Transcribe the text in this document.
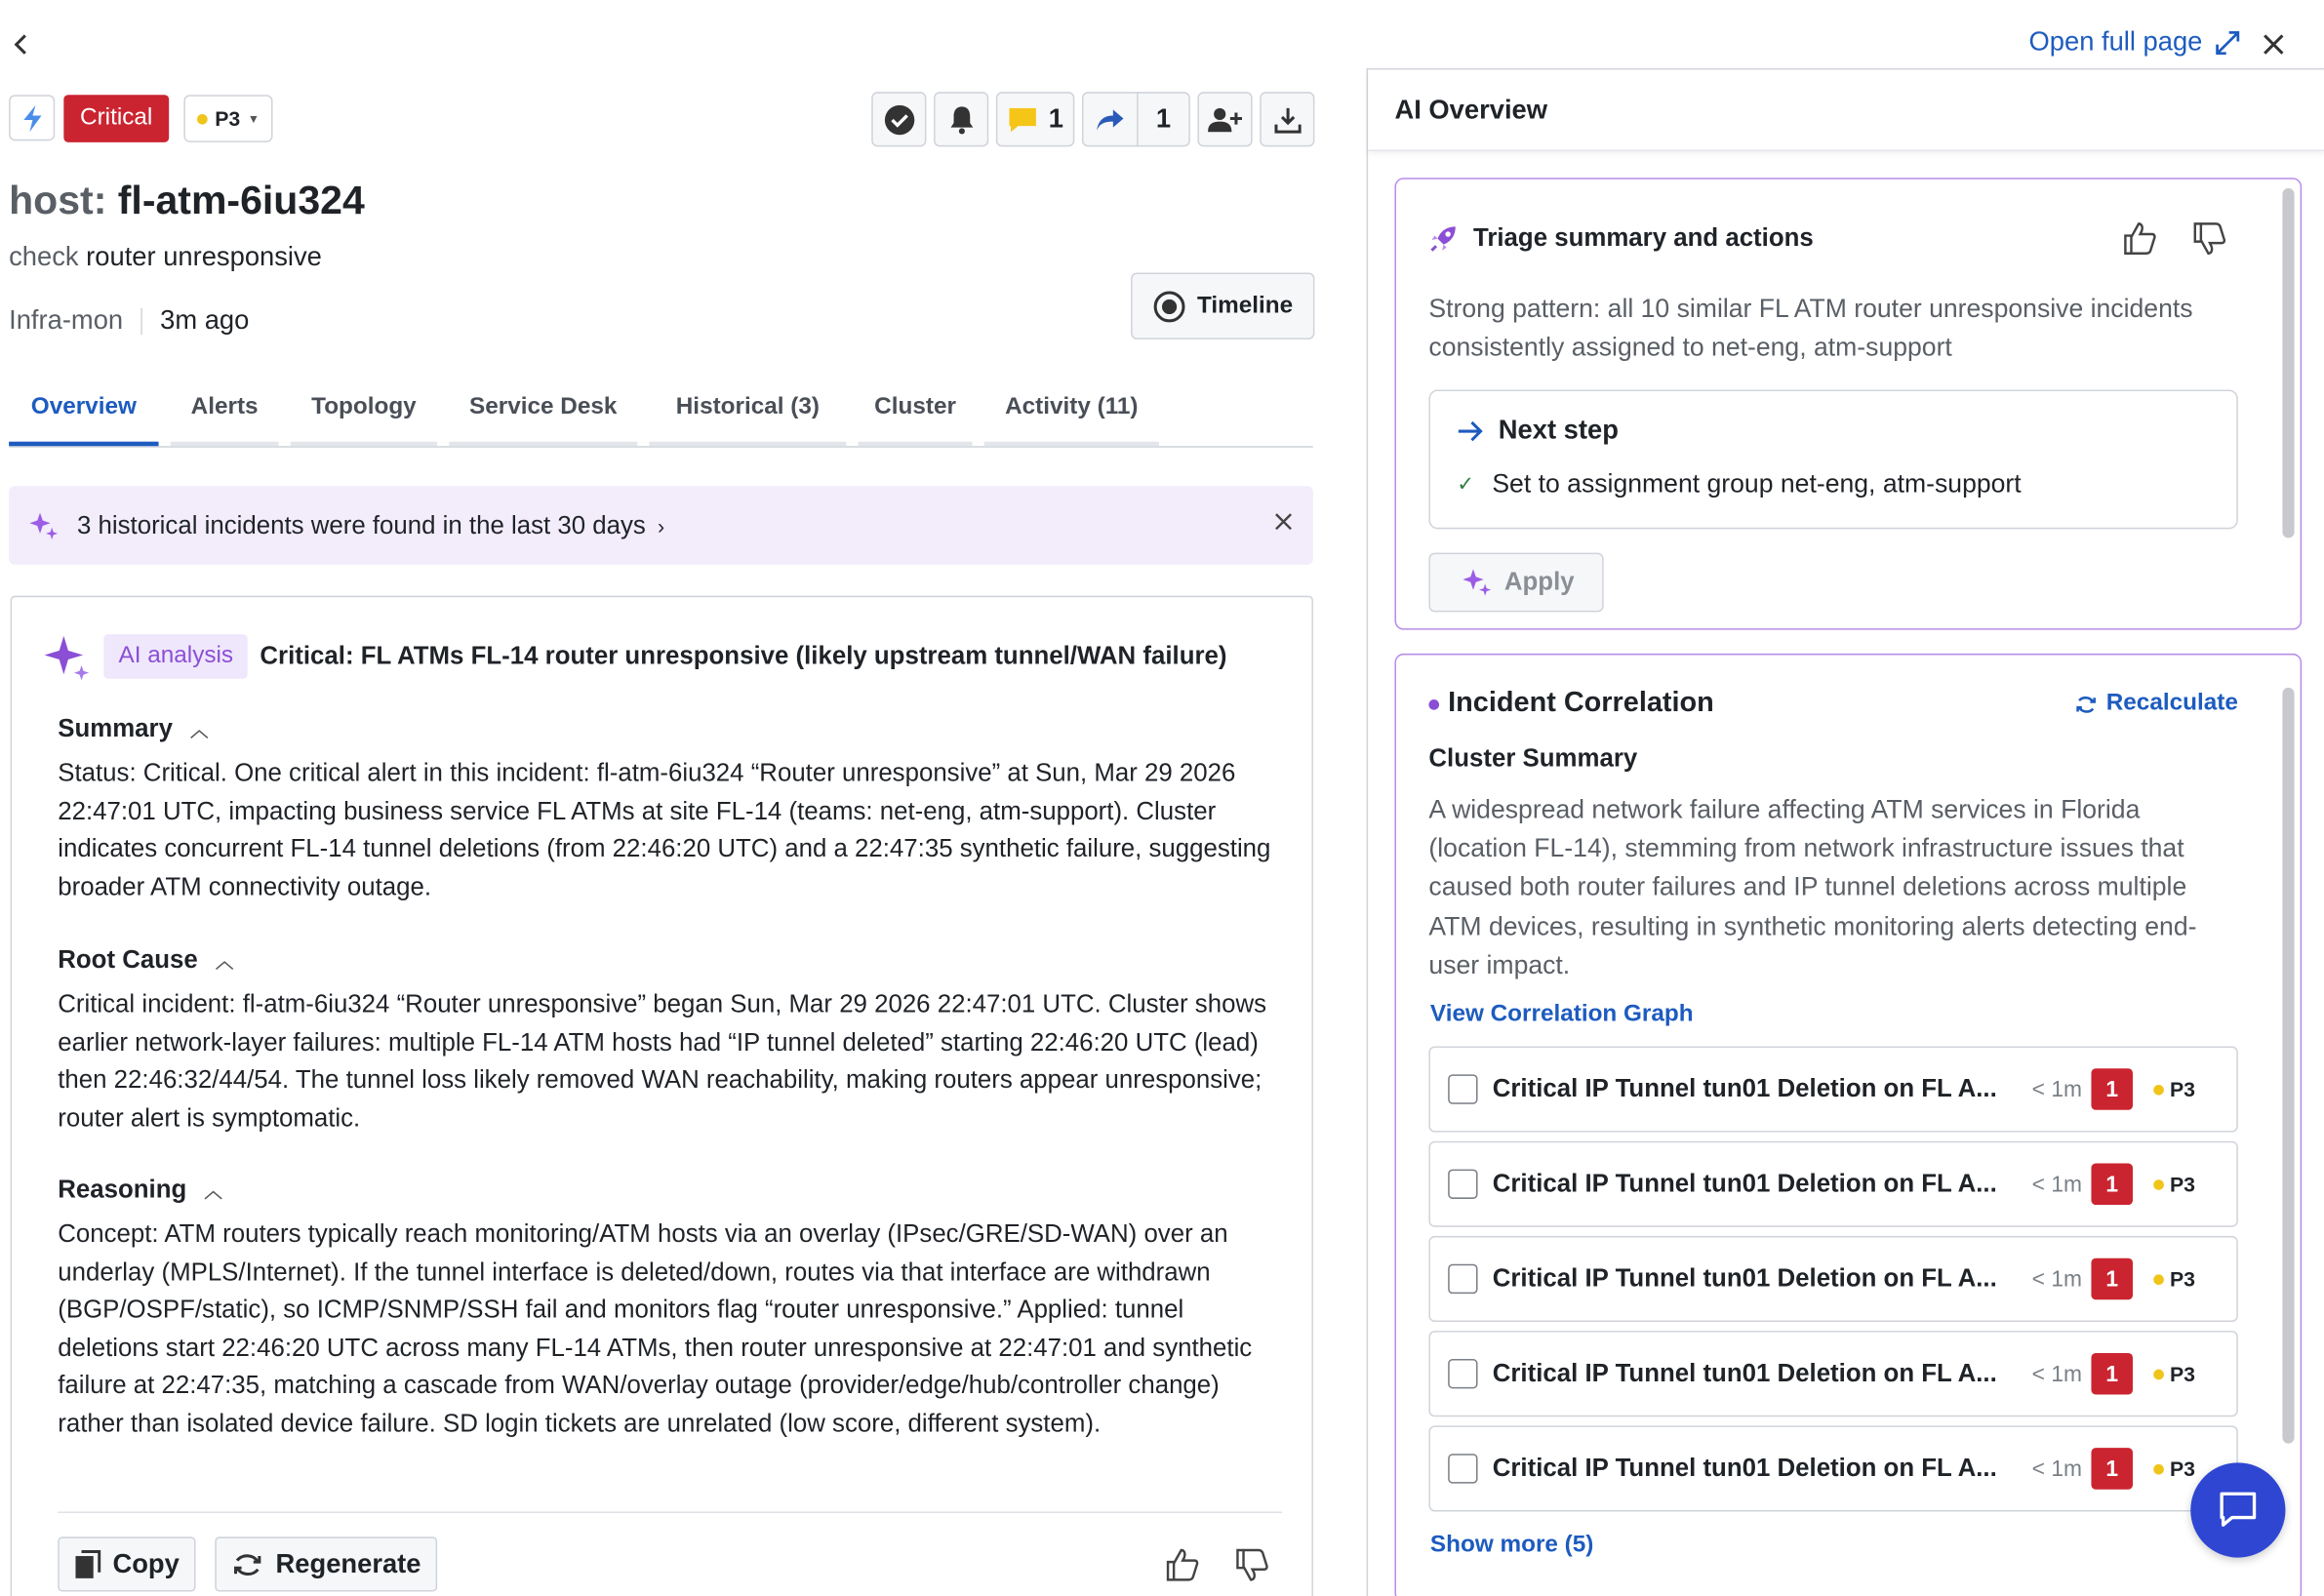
Open full page
Critical	P3 ▼	1	1
host: fl-atm-6iu324
check router unresponsive
Infra-mon 3m ago	Timeline
Overview	Alerts	Topology	Service Desk	Historical (3)	Cluster	Activity (11)
3 historical incidents were found in the last 30 days ›
AI analysis	Critical: FL ATMs FL-14 router unresponsive (likely upstream tunnel/WAN failure)
Summary ︿
Status: Critical. One critical alert in this incident: fl-atm-6iu324 “Router unresponsive” at Sun, Mar 29 2026 22:47:01 UTC, impacting business service FL ATMs at site FL-14 (teams: net-eng, atm-support). Cluster indicates concurrent FL-14 tunnel deletions (from 22:46:20 UTC) and a 22:47:35 synthetic failure, suggesting broader ATM connectivity outage.
Root Cause ︿
Critical incident: fl-atm-6iu324 “Router unresponsive” began Sun, Mar 29 2026 22:47:01 UTC. Cluster shows earlier network-layer failures: multiple FL-14 ATM hosts had “IP tunnel deleted” starting 22:46:20 UTC (lead) then 22:46:32/44/54. The tunnel loss likely removed WAN reachability, making routers appear unresponsive; router alert is symptomatic.
Reasoning ︿
Concept: ATM routers typically reach monitoring/ATM hosts via an overlay (IPsec/GRE/SD-WAN) over an underlay (MPLS/Internet). If the tunnel interface is deleted/down, routes via that interface are withdrawn (BGP/OSPF/static), so ICMP/SNMP/SSH fail and monitors flag “router unresponsive.” Applied: tunnel deletions start 22:46:20 UTC across many FL-14 ATMs, then router unresponsive at 22:47:01 and synthetic failure at 22:47:35, matching a cascade from WAN/overlay outage (provider/edge/hub/controller change) rather than isolated device failure. SD login tickets are unrelated (low score, different system).
Copy	Regenerate
AI Overview
Triage summary and actions
Strong pattern: all 10 similar FL ATM router unresponsive incidents consistently assigned to net-eng, atm-support
Next step
✓ Set to assignment group net-eng, atm-support
Apply
Incident Correlation	Recalculate
Cluster Summary
A widespread network failure affecting ATM services in Florida (location FL-14), stemming from network infrastructure issues that caused both router failures and IP tunnel deletions across multiple ATM devices, resulting in synthetic monitoring alerts detecting end-user impact.
View Correlation Graph
Critical IP Tunnel tun01 Deletion on FL A...	< 1m	1	P3
Critical IP Tunnel tun01 Deletion on FL A...	< 1m	1	P3
Critical IP Tunnel tun01 Deletion on FL A...	< 1m	1	P3
Critical IP Tunnel tun01 Deletion on FL A...	< 1m	1	P3
Critical IP Tunnel tun01 Deletion on FL A...	< 1m	1	P3
Show more (5)
